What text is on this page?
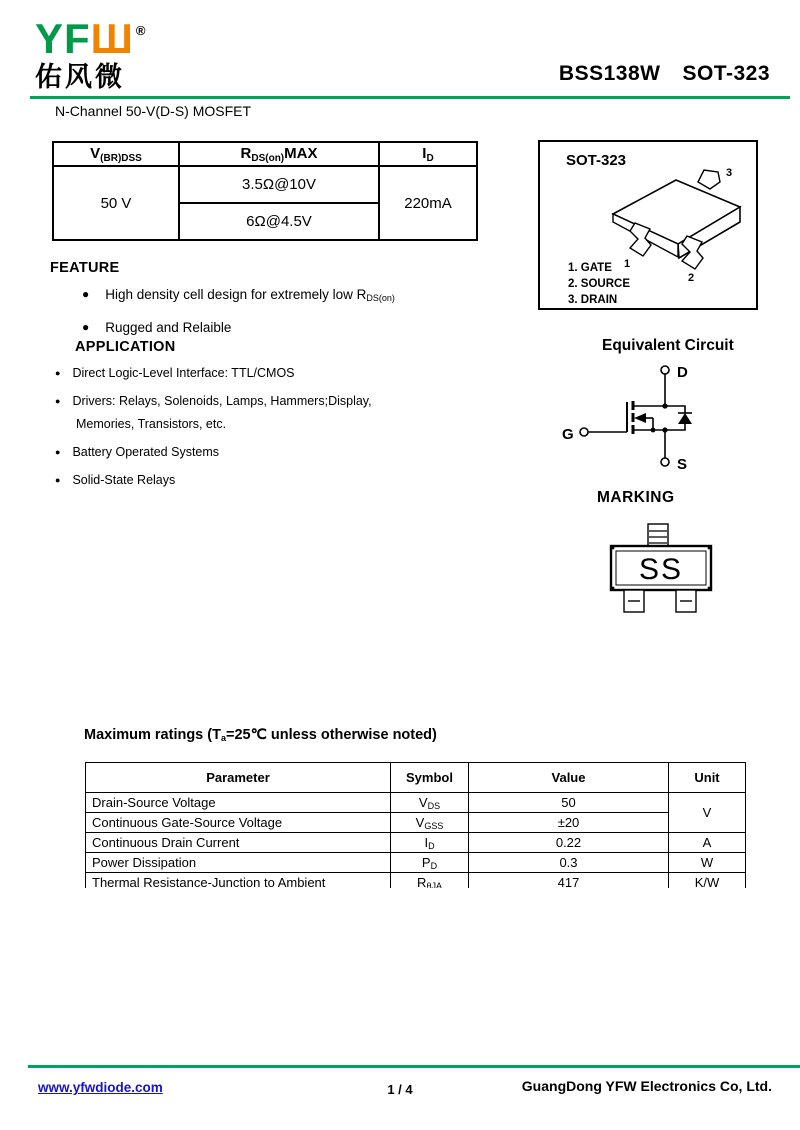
YFШ ®
佑风微	BSS138W SOT-323
N-Channel 50-V(D-S) MOSFET
$V_{(BR)DSS}$	$R_{DS(on)}MAX$	$I_D$
50 V	3.5Ω@10V	220mA
	6Ω@4.5V	
FEATURE
● High density cell design for extremely low $R_{DS(on)}$
● Rugged and Relaible
APPLICATION
● Direct Logic-Level Interface: TTL/CMOS
● Drivers: Relays, Solenoids, Lamps, Hammers;Display,
Memories, Transistors, etc.
● Battery Operated Systems
● Solid-State Relays
SOT-323
3
1
2
1. GATE
2. SOURCE
3. DRAIN
Equivalent Circuit
D
S
G
MARKING
SS
Maximum ratings ($T_a=25℃$ unless otherwise noted)
Parameter	Symbol	Value	Unit
Drain-Source Voltage	$V_{DS}$	50	V
Continuous Gate-Source Voltage	$V_{GSS}$	±20	
Continuous Drain Current	$I_D$	0.22	A
Power Dissipation	$P_D$	0.3	W
Thermal Resistance-Junction to Ambient	$R_{\theta JA}$	417	K/W
www.yfwdiode.com	1 / 4	GuangDong YFW Electronics Co, Ltd.
